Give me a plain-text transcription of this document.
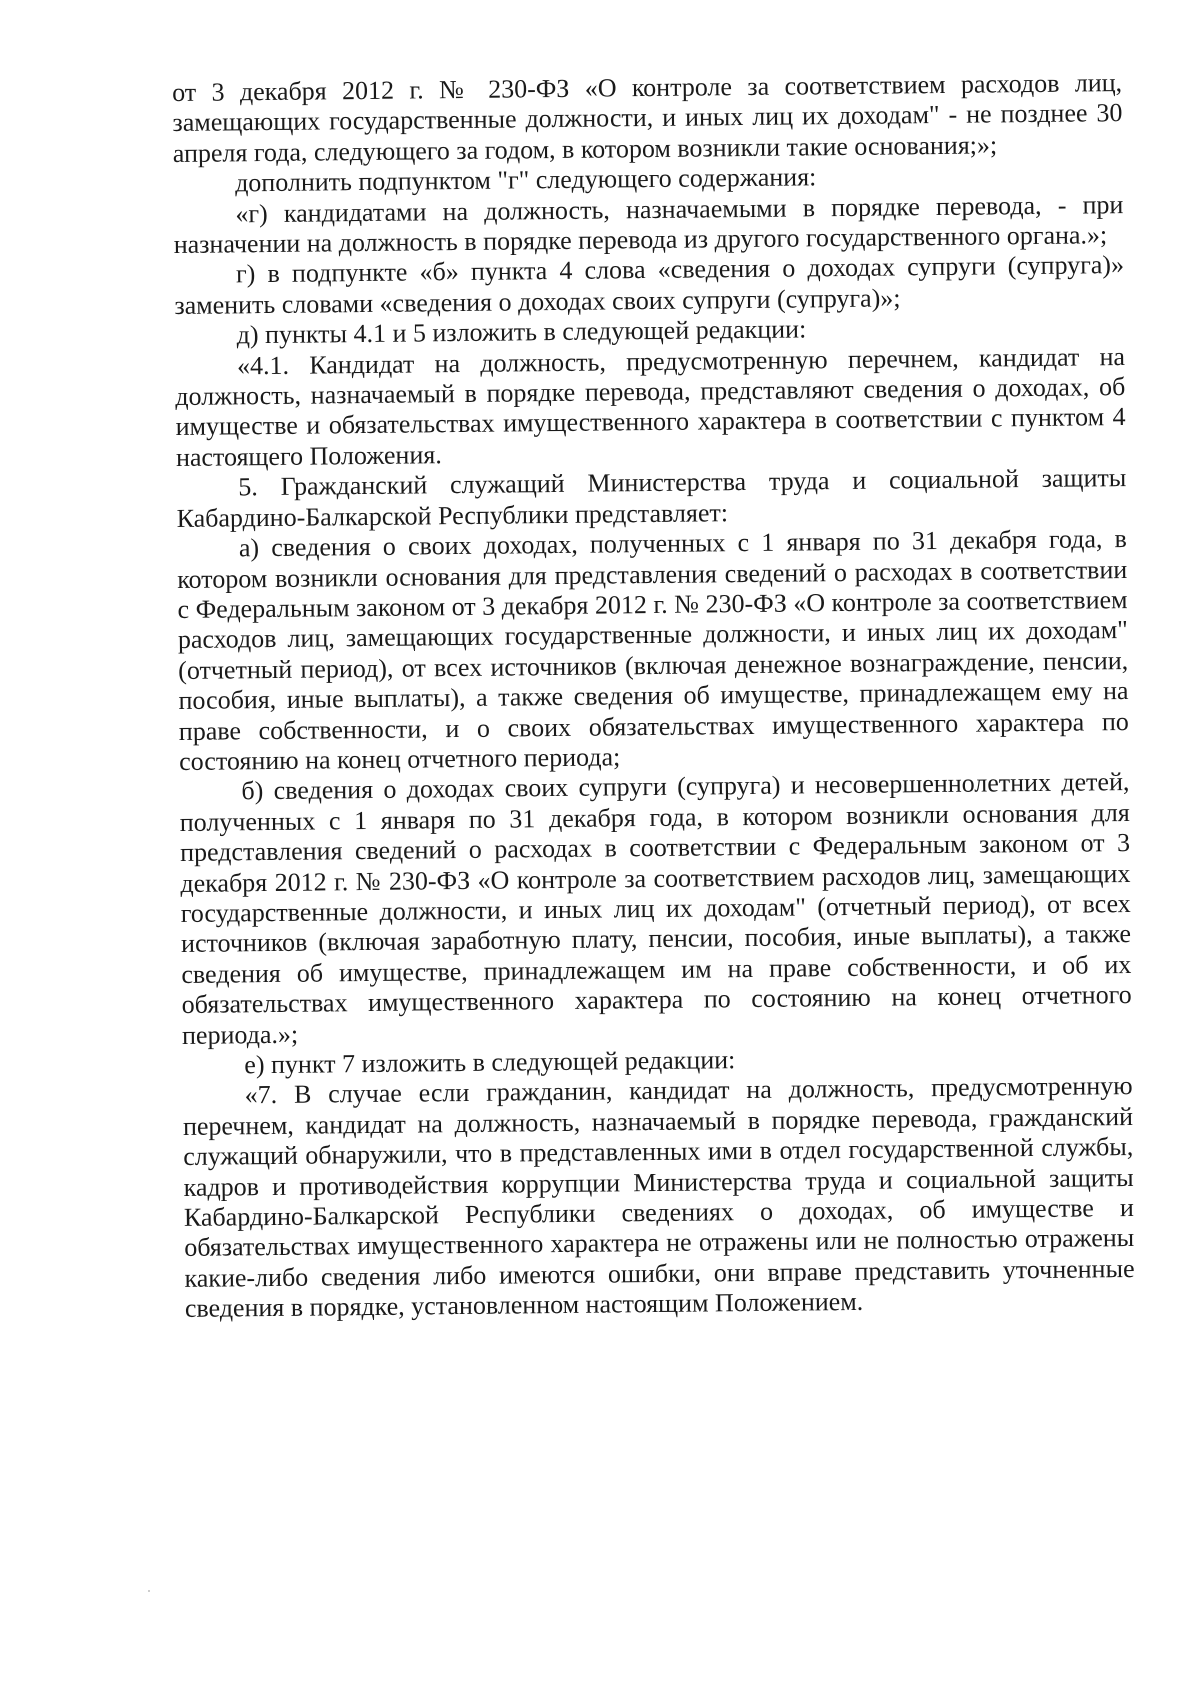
от 3 декабря 2012 г. № 230-ФЗ «О контроле за соответствием расходов лиц, замещающих государственные должности, и иных лиц их доходам" - не позднее 30 апреля года, следующего за годом, в котором возникли такие основания;»;

дополнить подпунктом "г" следующего содержания:

«г) кандидатами на должность, назначаемыми в порядке перевода, - при назначении на должность в порядке перевода из другого государственного органа.»;

г) в подпункте «б» пункта 4 слова «сведения о доходах супруги (супруга)» заменить словами «сведения о доходах своих супруги (супруга)»;

д) пункты 4.1 и 5 изложить в следующей редакции:

«4.1. Кандидат на должность, предусмотренную перечнем, кандидат на должность, назначаемый в порядке перевода, представляют сведения о доходах, об имуществе и обязательствах имущественного характера в соответствии с пунктом 4 настоящего Положения.

5. Гражданский служащий Министерства труда и социальной защиты Кабардино-Балкарской Республики представляет:

а) сведения о своих доходах, полученных с 1 января по 31 декабря года, в котором возникли основания для представления сведений о расходах в соответствии с Федеральным законом от 3 декабря 2012 г. № 230-ФЗ «О контроле за соответствием расходов лиц, замещающих государственные должности, и иных лиц их доходам" (отчетный период), от всех источников (включая денежное вознаграждение, пенсии, пособия, иные выплаты), а также сведения об имуществе, принадлежащем ему на праве собственности, и о своих обязательствах имущественного характера по состоянию на конец отчетного периода;

б) сведения о доходах своих супруги (супруга) и несовершеннолетних детей, полученных с 1 января по 31 декабря года, в котором возникли основания для представления сведений о расходах в соответствии с Федеральным законом от 3 декабря 2012 г. № 230-ФЗ «О контроле за соответствием расходов лиц, замещающих государственные должности, и иных лиц их доходам" (отчетный период), от всех источников (включая заработную плату, пенсии, пособия, иные выплаты), а также сведения об имуществе, принадлежащем им на праве собственности, и об их обязательствах имущественного характера по состоянию на конец отчетного периода.»;

е) пункт 7 изложить в следующей редакции:

«7. В случае если гражданин, кандидат на должность, предусмотренную перечнем, кандидат на должность, назначаемый в порядке перевода, гражданский служащий обнаружили, что в представленных ими в отдел государственной службы, кадров и противодействия коррупции Министерства труда и социальной защиты Кабардино-Балкарской Республики сведениях о доходах, об имуществе и обязательствах имущественного характера не отражены или не полностью отражены какие-либо сведения либо имеются ошибки, они вправе представить уточненные сведения в порядке, установленном настоящим Положением.
